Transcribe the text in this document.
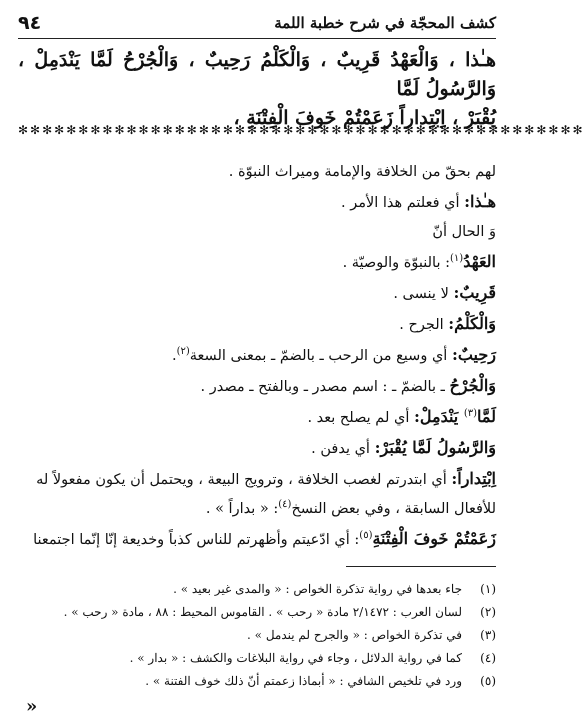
كشف المحجّة في شرح خطبة اللمة
٩٤
هـٰذا ، وَالْعَهْدُ قَرِيبٌ ، وَالْكَلْمُ رَحِيبٌ ، وَالْجُرْحُ لَمَّا يَنْدَمِلْ ، وَالرَّسُولُ لَمَّا
يُقْبَرْ ، اِبْتِداراً زَعَمْتُمْ خَوفَ الْفِتْنَةِ ،
✻✻✻✻✻✻✻✻✻✻✻✻✻✻✻✻✻✻✻✻✻✻✻✻✻✻✻✻✻✻✻✻✻✻✻✻✻✻✻✻✻✻✻✻✻✻✻

لهم بحقّ من الخلافة والإمامة وميراث النبوّة .

هـٰذا: أي فعلتم هذا الأمر .

وَ الحال أنّ

العَهْدُ$^{(١)}$: بالنبوّة والوصيّة .

قَرِيبٌ: لا ينسى .

وَالْكَلْمُ: الجرح .

رَحِيبٌ: أي وسيع من الرحب ـ بالضمّ ـ بمعنى السعة$^{(٢)}$.

وَالْجُرْحُ ـ بالضمّ ـ : اسم مصدر ـ وبالفتح ـ مصدر .

لَمَّا$^{(٣)}$ يَنْدَمِلْ: أي لم يصلح بعد .

وَالرَّسُولُ لَمَّا يُقْبَرْ: أي يدفن .

اِبْتِداراً: أي ابتدرتم لغصب الخلافة ، وترويج البيعة ، ويحتمل أن يكون مفعولاً له للأفعال السابقة ، وفي بعض النسخ$^{(٤)}$: « بداراً » .

زَعَمْتُمْ خَوفَ الْفِتْنَةِ$^{(٥)}$: أي ادّعيتم وأظهرتم للناس كذباً وخديعة إنّا إنّما اجتمعنا

(١)
جاء بعدها في رواية تذكرة الخواص : « والمدى غير بعيد » .
(٢)
لسان العرب : ٢/١٤٧٢ مادة « رحب » . القاموس المحيط : ٨٨ ، مادة « رحب » .
(٣)
في تذكرة الخواص : « والجرح لم يندمل » .
(٤)
كما في رواية الدلائل ، وجاء في رواية البلاغات والكشف : « بدار » .
(٥)
ورد في تلخيص الشافي : « أبماذا زعمتم أنّ ذلك خوف الفتنة » .
«
